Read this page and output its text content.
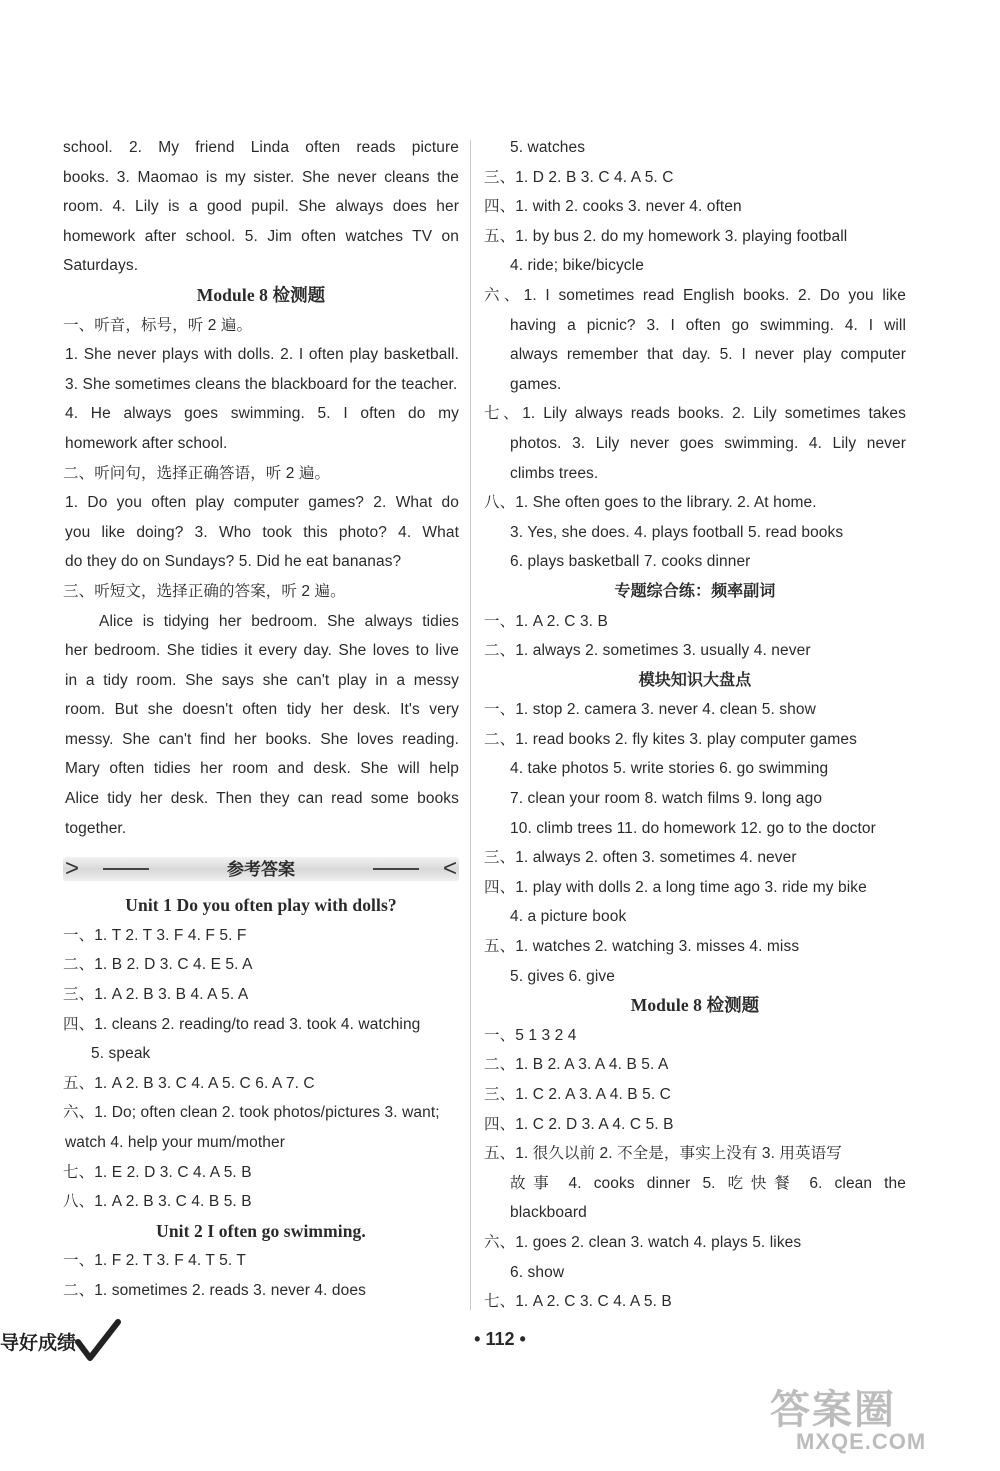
school. 2. My friend Linda often reads picture
books. 3. Maomao is my sister. She never cleans the
room. 4. Lily is a good pupil. She always does her
homework after school. 5. Jim often watches TV on
Saturdays.
Module 8 检测题
一、听音，标号，听 2 遍。
1. She never plays with dolls. 2. I often play basketball.
3. She sometimes cleans the blackboard for the teacher.
4. He always goes swimming. 5. I often do my
homework after school.
二、听问句，选择正确答语，听 2 遍。
1. Do you often play computer games? 2. What do
you like doing? 3. Who took this photo? 4. What
do they do on Sundays? 5. Did he eat bananas?
三、听短文，选择正确的答案，听 2 遍。
Alice is tidying her bedroom. She always tidies
her bedroom. She tidies it every day. She loves to live
in a tidy room. She says she can't play in a messy
room. But she doesn't often tidy her desk. It's very
messy. She can't find her books. She loves reading.
Mary often tidies her room and desk. She will help
Alice tidy her desk. Then they can read some books
together.
>	参考答案	<
Unit 1 Do you often play with dolls?
一、1. T 2. T 3. F 4. F 5. F
二、1. B 2. D 3. C 4. E 5. A
三、1. A 2. B 3. B 4. A 5. A
四、1. cleans 2. reading/to read 3. took 4. watching
5. speak
五、1. A 2. B 3. C 4. A 5. C 6. A 7. C
六、1. Do; often clean 2. took photos/pictures 3. want;
watch 4. help your mum/mother
七、1. E 2. D 3. C 4. A 5. B
八、1. A 2. B 3. C 4. B 5. B
Unit 2 I often go swimming.
一、1. F 2. T 3. F 4. T 5. T
二、1. sometimes 2. reads 3. never 4. does
5. watches
三、1. D 2. B 3. C 4. A 5. C
四、1. with 2. cooks 3. never 4. often
五、1. by bus 2. do my homework 3. playing football
4. ride; bike/bicycle
六、1. I sometimes read English books. 2. Do you like
having a picnic? 3. I often go swimming. 4. I will
always remember that day. 5. I never play computer
games.
七、1. Lily always reads books. 2. Lily sometimes takes
photos. 3. Lily never goes swimming. 4. Lily never
climbs trees.
八、1. She often goes to the library. 2. At home.
3. Yes, she does. 4. plays football 5. read books
6. plays basketball 7. cooks dinner
专题综合练：频率副词
一、1. A 2. C 3. B
二、1. always 2. sometimes 3. usually 4. never
模块知识大盘点
一、1. stop 2. camera 3. never 4. clean 5. show
二、1. read books 2. fly kites 3. play computer games
4. take photos 5. write stories 6. go swimming
7. clean your room 8. watch films 9. long ago
10. climb trees 11. do homework 12. go to the doctor
三、1. always 2. often 3. sometimes 4. never
四、1. play with dolls 2. a long time ago 3. ride my bike
4. a picture book
五、1. watches 2. watching 3. misses 4. miss
5. gives 6. give
Module 8 检测题
一、5 1 3 2 4
二、1. B 2. A 3. A 4. B 5. A
三、1. C 2. A 3. A 4. B 5. C
四、1. C 2. D 3. A 4. C 5. B
五、1. 很久以前 2. 不全是，事实上没有 3. 用英语写
故事 4. cooks dinner 5. 吃快餐 6. clean the
blackboard
六、1. goes 2. clean 3. watch 4. plays 5. likes
6. show
七、1. A 2. C 3. C 4. A 5. B
导好成绩	• 112 •
答案圈
MXQE.COM
